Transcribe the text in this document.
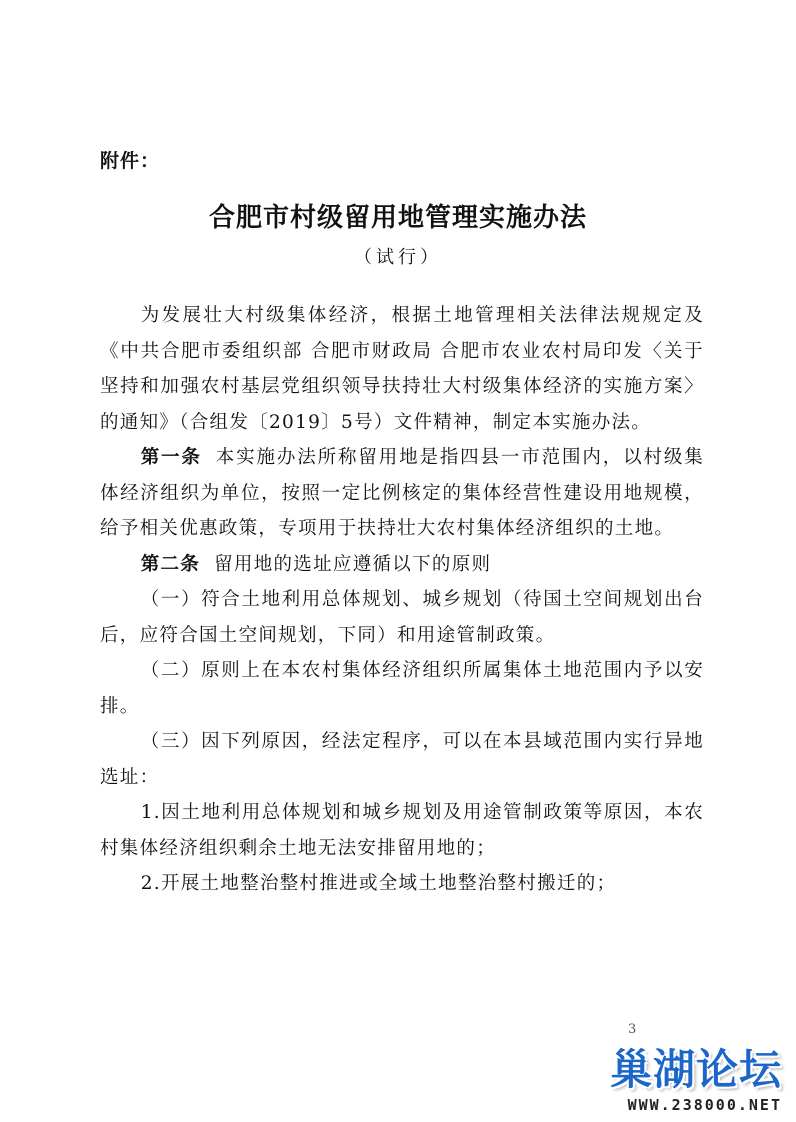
附件：
合肥市村级留用地管理实施办法
（试行）

为发展壮大村级集体经济，根据土地管理相关法律法规规定及《中共合肥市委组织部 合肥市财政局 合肥市农业农村局印发〈关于坚持和加强农村基层党组织领导扶持壮大村级集体经济的实施方案〉的通知》（合组发〔2019〕5号）文件精神，制定本实施办法。

第一条 本实施办法所称留用地是指四县一市范围内，以村级集体经济组织为单位，按照一定比例核定的集体经营性建设用地规模，给予相关优惠政策，专项用于扶持壮大农村集体经济组织的土地。

第二条 留用地的选址应遵循以下的原则

（一）符合土地利用总体规划、城乡规划（待国土空间规划出台后，应符合国土空间规划，下同）和用途管制政策。

（二）原则上在本农村集体经济组织所属集体土地范围内予以安排。

（三）因下列原因，经法定程序，可以在本县域范围内实行异地选址：

1.因土地利用总体规划和城乡规划及用途管制政策等原因，本农村集体经济组织剩余土地无法安排留用地的；

2.开展土地整治整村推进或全域土地整治整村搬迁的；

3
巢湖论坛
WWW.238000.NET
